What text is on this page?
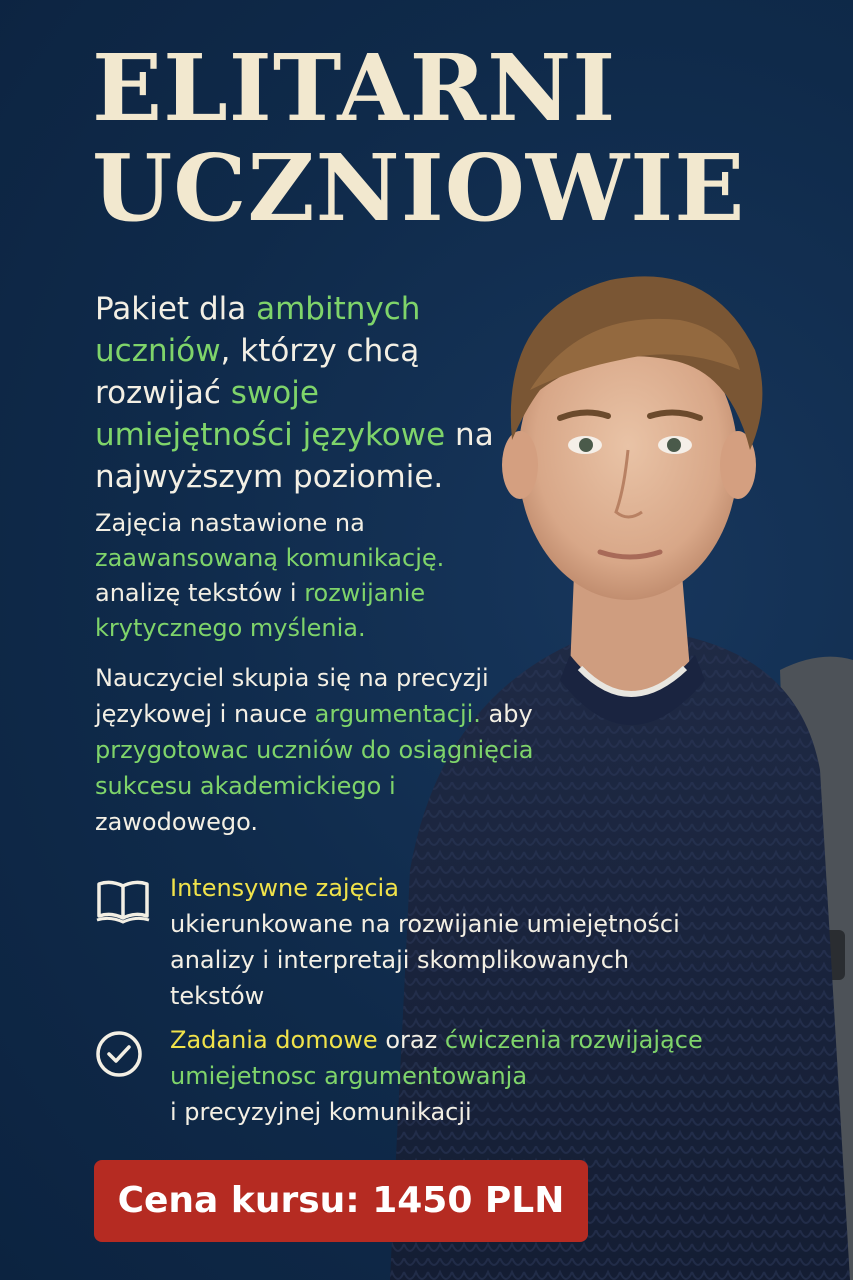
ELITARNI
UCZNIOWIE

Pakiet dla ambitnych uczniów, którzy chcą rozwijać swoje umiejętności językowe na najwyższym poziomie.

Zajęcia nastawione na zaawansowaną komunikację. analizę tekstów i rozwijanie krytycznego myślenia.

Nauczyciel skupia się na precyzji językowej i nauce argumentacji. aby przygotowac uczniów do osiągnięcia sukcesu akademickiego i zawodowego.

Intensywne zajęcia
ukierunkowane na rozwijanie umiejętności analizy i interpretaji skomplikowanych tekstów

Zadania domowe oraz ćwiczenia rozwijające umiejetnosc argumentowanja
i precyzyjnej komunikacji

Cena kursu: 1450 PLN
